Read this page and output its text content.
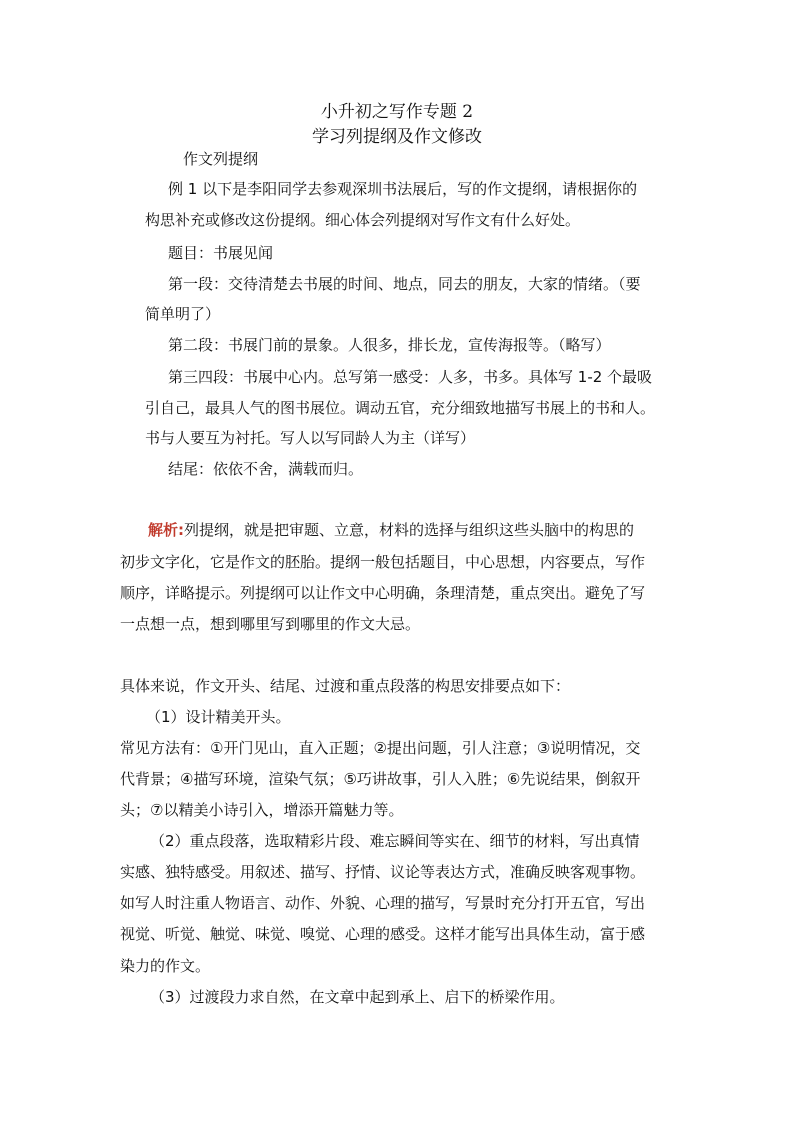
小升初之写作专题 2
学习列提纲及作文修改
作文列提纲
例 1 以下是李阳同学去参观深圳书法展后，写的作文提纲，请根据你的
构思补充或修改这份提纲。细心体会列提纲对写作文有什么好处。
题目：书展见闻
第一段：交待清楚去书展的时间、地点，同去的朋友，大家的情绪。（要
简单明了）
第二段：书展门前的景象。人很多，排长龙，宣传海报等。（略写）
第三四段：书展中心内。总写第一感受：人多，书多。具体写 1-2 个最吸
引自己，最具人气的图书展位。调动五官，充分细致地描写书展上的书和人。
书与人要互为衬托。写人以写同龄人为主（详写）
结尾：依依不舍，满载而归。
解析:列提纲，就是把审题、立意，材料的选择与组织这些头脑中的构思的
初步文字化，它是作文的胚胎。提纲一般包括题目，中心思想，内容要点，写作
顺序，详略提示。列提纲可以让作文中心明确，条理清楚，重点突出。避免了写
一点想一点，想到哪里写到哪里的作文大忌。
具体来说，作文开头、结尾、过渡和重点段落的构思安排要点如下：
（1）设计精美开头。
常见方法有：①开门见山，直入正题；②提出问题，引人注意；③说明情况，交
代背景；④描写环境，渲染气氛；⑤巧讲故事，引人入胜；⑥先说结果，倒叙开
头；⑦以精美小诗引入，增添开篇魅力等。
（2）重点段落，选取精彩片段、难忘瞬间等实在、细节的材料，写出真情
实感、独特感受。用叙述、描写、抒情、议论等表达方式，准确反映客观事物。
如写人时注重人物语言、动作、外貌、心理的描写，写景时充分打开五官，写出
视觉、听觉、触觉、味觉、嗅觉、心理的感受。这样才能写出具体生动，富于感
染力的作文。
（3）过渡段力求自然，在文章中起到承上、启下的桥梁作用。
